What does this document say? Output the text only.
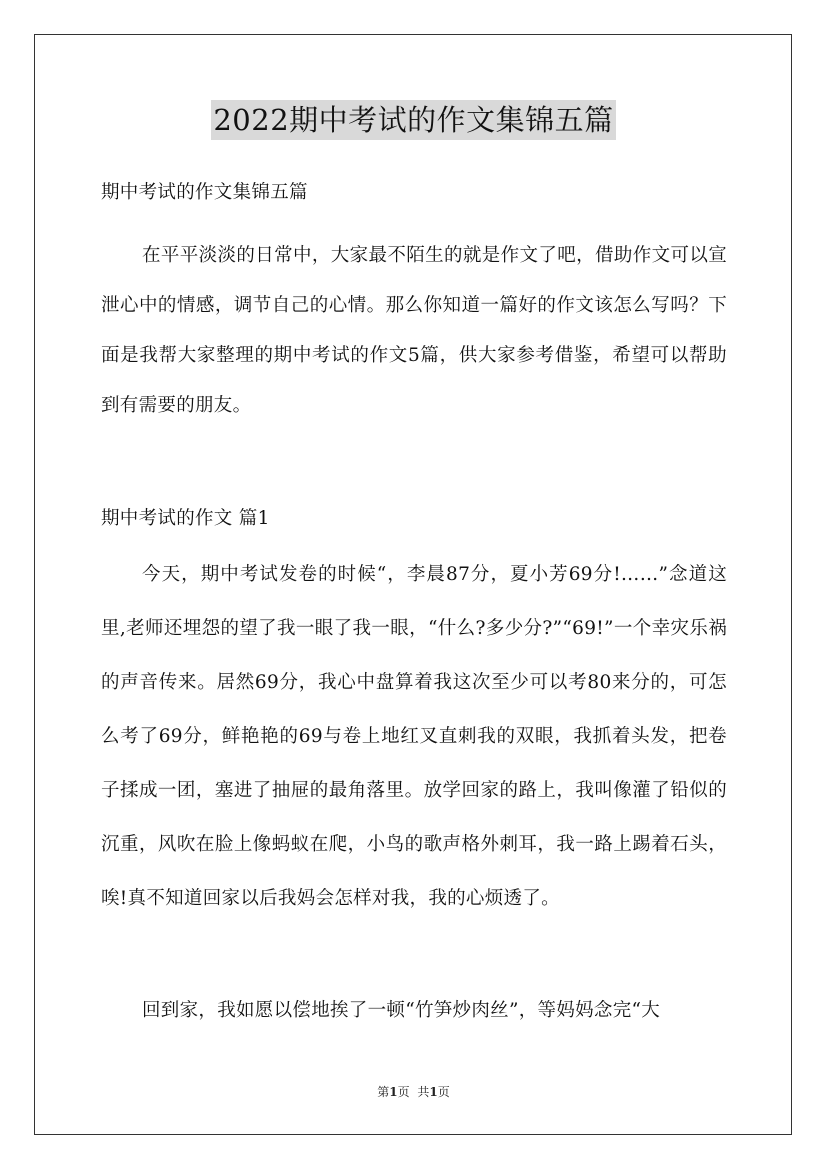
2022期中考试的作文集锦五篇
期中考试的作文集锦五篇
在平平淡淡的日常中，大家最不陌生的就是作文了吧，借助作文可以宣泄心中的情感，调节自己的心情。那么你知道一篇好的作文该怎么写吗？下面是我帮大家整理的期中考试的作文5篇，供大家参考借鉴，希望可以帮助到有需要的朋友。
期中考试的作文 篇1
今天，期中考试发卷的时候“，李晨87分，夏小芳69分!……”念道这里,老师还埋怨的望了我一眼了我一眼，“什么?多少分?”“69!”一个幸灾乐祸的声音传来。居然69分，我心中盘算着我这次至少可以考80来分的，可怎么考了69分，鲜艳艳的69与卷上地红叉直刺我的双眼，我抓着头发，把卷子揉成一团，塞进了抽屉的最角落里。放学回家的路上，我叫像灌了铅似的沉重，风吹在脸上像蚂蚁在爬，小鸟的歌声格外刺耳，我一路上踢着石头，唉!真不知道回家以后我妈会怎样对我，我的心烦透了。
回到家，我如愿以偿地挨了一顿“竹笋炒肉丝”，等妈妈念完“大
第1页 共1页
